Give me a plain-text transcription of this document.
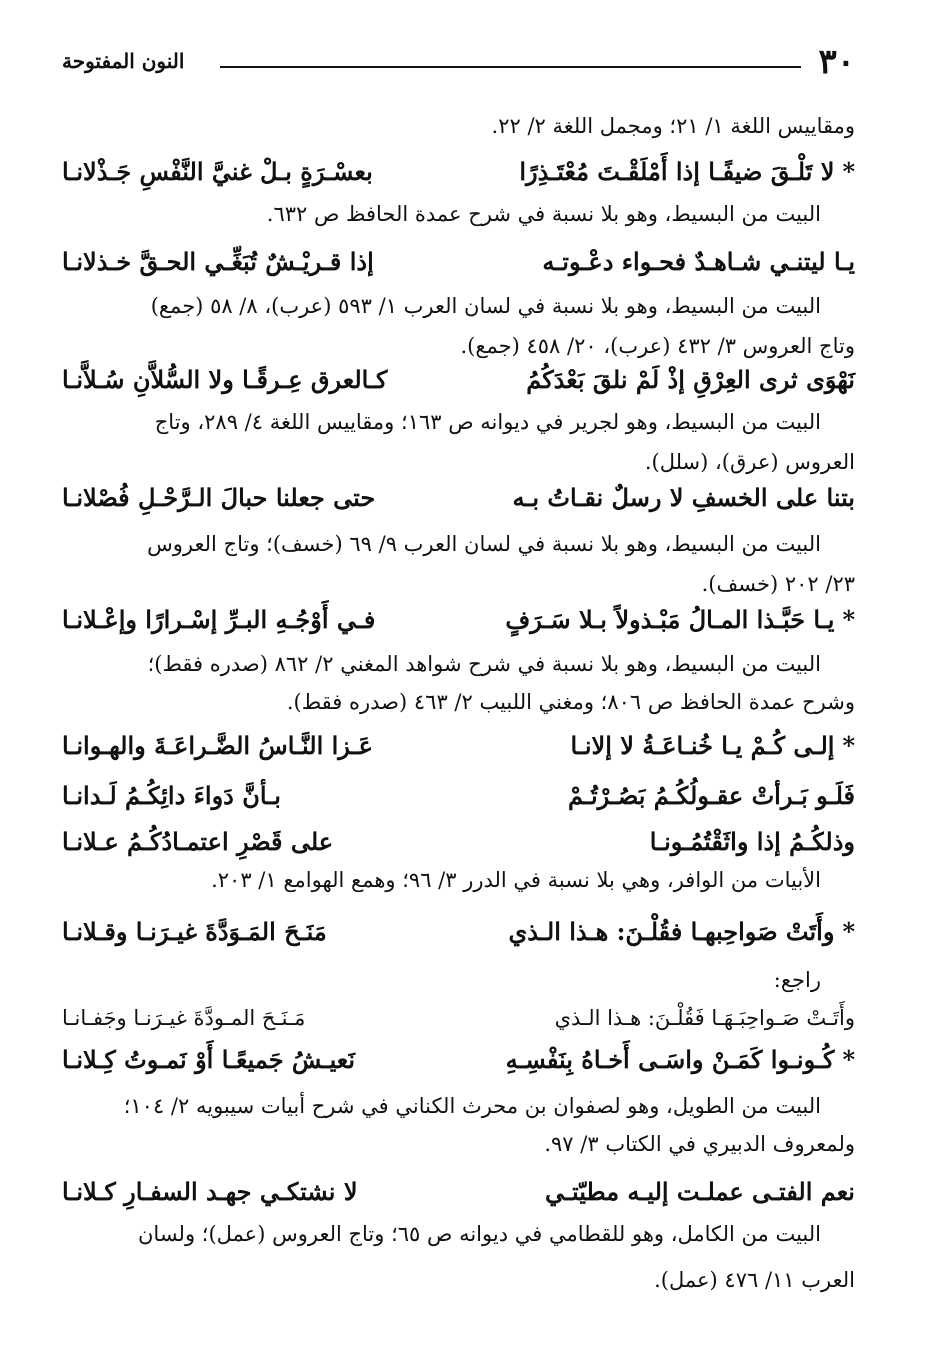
٣٠
النون المفتوحة
ومقاييس اللغة ١/ ٢١؛ ومجمل اللغة ٢/ ٢٢.
*لا تَلْـقَ ضيفًـا إذا أَمْلَقْـتَ مُعْتَـذِرًا
بعسْـرَةٍ بـلْ غنيَّ النَّفْسِ جَـذْلانـا
البيت من البسيط، وهو بلا نسبة في شرح عمدة الحافظ ص ٦٣٢.
يـا ليتنـي شـاهـدٌ فحـواء دعْـوتـه
إذا قـريْـشٌ تُبَغِّـي الحـقَّ خـذلانـا
البيت من البسيط، وهو بلا نسبة في لسان العرب ١/ ٥٩٣ (عرب)، ٨/ ٥٨ (جمع)
وتاج العروس ٣/ ٤٣٢ (عرب)، ٢٠/ ٤٥٨ (جمع).
نَهْوَى ثرى العِرْقِ إذْ لَمْ نلقَ بَعْدَكُمُ
كـالعرق عِـرقًـا ولا السُّلاَّنِ سُـلاَّنـا
البيت من البسيط، وهو لجرير في ديوانه ص ١٦٣؛ ومقاييس اللغة ٤/ ٢٨٩، وتاج
العروس (عرق)، (سلل).
بتنا على الخسفِ لا رسلٌ نقـاتُ بـه
حتى جعلنا حبالَ الـرَّحْـلِ فُصْلانـا
البيت من البسيط، وهو بلا نسبة في لسان العرب ٩/ ٦٩ (خسف)؛ وتاج العروس
٢٣/ ٢٠٢ (خسف).
*يـا حَبَّـذا المـالُ مَبْـذولاً بـلا سَـرَفٍ
فـي أَوْجُـهِ البـرِّ إسْـرارًا وإعْـلانـا
البيت من البسيط، وهو بلا نسبة في شرح شواهد المغني ٢/ ٨٦٢ (صدره فقط)؛
وشرح عمدة الحافظ ص ٨٠٦؛ ومغني اللبيب ٢/ ٤٦٣ (صدره فقط).
*إلـى كُـمْ يـا خُنـاعَـةُ لا إلانـا
عَـزا النَّـاسُ الضَّـراعَـةَ والهـوانـا
فَلَـو بَـرأتْ عقـولُكُـمُ بَصُـرْتُـمْ
بـأنَّ دَواءَ دائِكُـمُ لَـدانـا
وذلكُـمُ إذا واثَقْتُمُـونـا
على قَصْرِ اعتمـادُكُـمُ عـلانـا
الأبيات من الوافر، وهي بلا نسبة في الدرر ٣/ ٩٦؛ وهمع الهوامع ١/ ٢٠٣.
*وأَتَتْ صَواحِبهـا فقُلْـنَ: هـذا الـذي
مَنَـحَ المَـوَدَّةَ غيـرَنـا وقـلانـا
راجع:
وأَتَـتْ صَـواحِبَـهَـا فَقُلْـنَ: هـذا الـذي
مَـنَـحَ المـودَّةَ غيـرَنـا وجَفـانـا
*كُـونـوا كَمَـنْ واسَـى أَخـاهُ بِنَفْسِـهِ
نَعيـشُ جَميعًـا أَوْ نَمـوتُ كِـلانـا
البيت من الطويل، وهو لصفوان بن محرث الكناني في شرح أبيات سيبويه ٢/ ١٠٤؛
ولمعروف الدبيري في الكتاب ٣/ ٩٧.
نعم الفتـى عملـت إليـه مطيّتـي
لا نشتكـي جهـد السفـارِ كـلانـا
البيت من الكامل، وهو للقطامي في ديوانه ص ٦٥؛ وتاج العروس (عمل)؛ ولسان
العرب ١١/ ٤٧٦ (عمل).
